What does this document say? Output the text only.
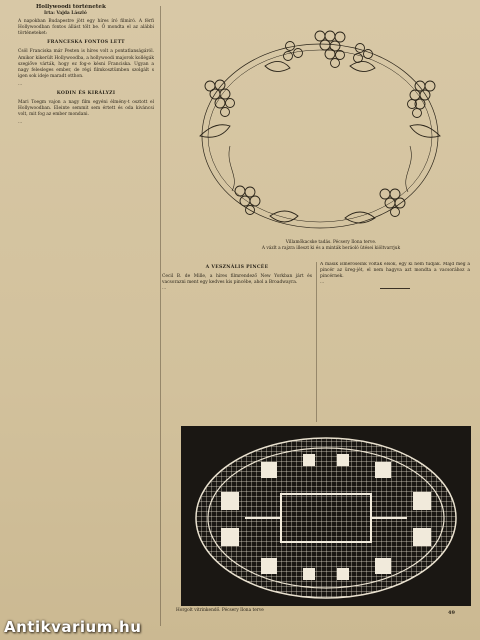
Hollywoodi történetek
Irta: Vajda László
A napokban Budapestre jött egy híres író filmíró. A férfi Hollywoodban fontos állást tölt be. Ő mondta el az alábbi történeteket:
FRANCESKA FONTOS LETT
Csöl Franciska már Pesten is híres volt a pontatlanságáról. Amikor kikerült Hollywoodba, a hollywoodi majorok kollégák szegiőve várták, hogy ez fog-e késni Franciska. Ugyan a nagy felesleges ember, de régi filmkosztümben szolgált s igen sok ideje maradt otthon.
...
KODIN ÉS KIRÁLYZI
Mari Toegm vajon a nagy film egyéni élmény-t osztott el Hollywoodban. Eleinte semmit sem értett és oda kiváncsi volt, mit fog az ember mondani.
...
Villamőkacske tadás. Pécsery Ilona terve.
A vázlt a rajzra illeszt ki és a minták beráoló ütései kiöltvarrjuk
A VESZNÁLIS PINCÉE
Cecil B. de Mille, a híres filmrendező New Yorkban járt és vacsorazni ment egy kedves kis pincébe, ahol a Broadwayra.
...
A másik ismerőseink voltak elsők, egy ki nem tudják. Majd meg a pincér az üreg-jét, el nem hagyva azt mondta a vacsorához a pincérnek.
...
Horgolt vitrinkendő. Pécsery Ilona terve	49
Antikvarium.hu
